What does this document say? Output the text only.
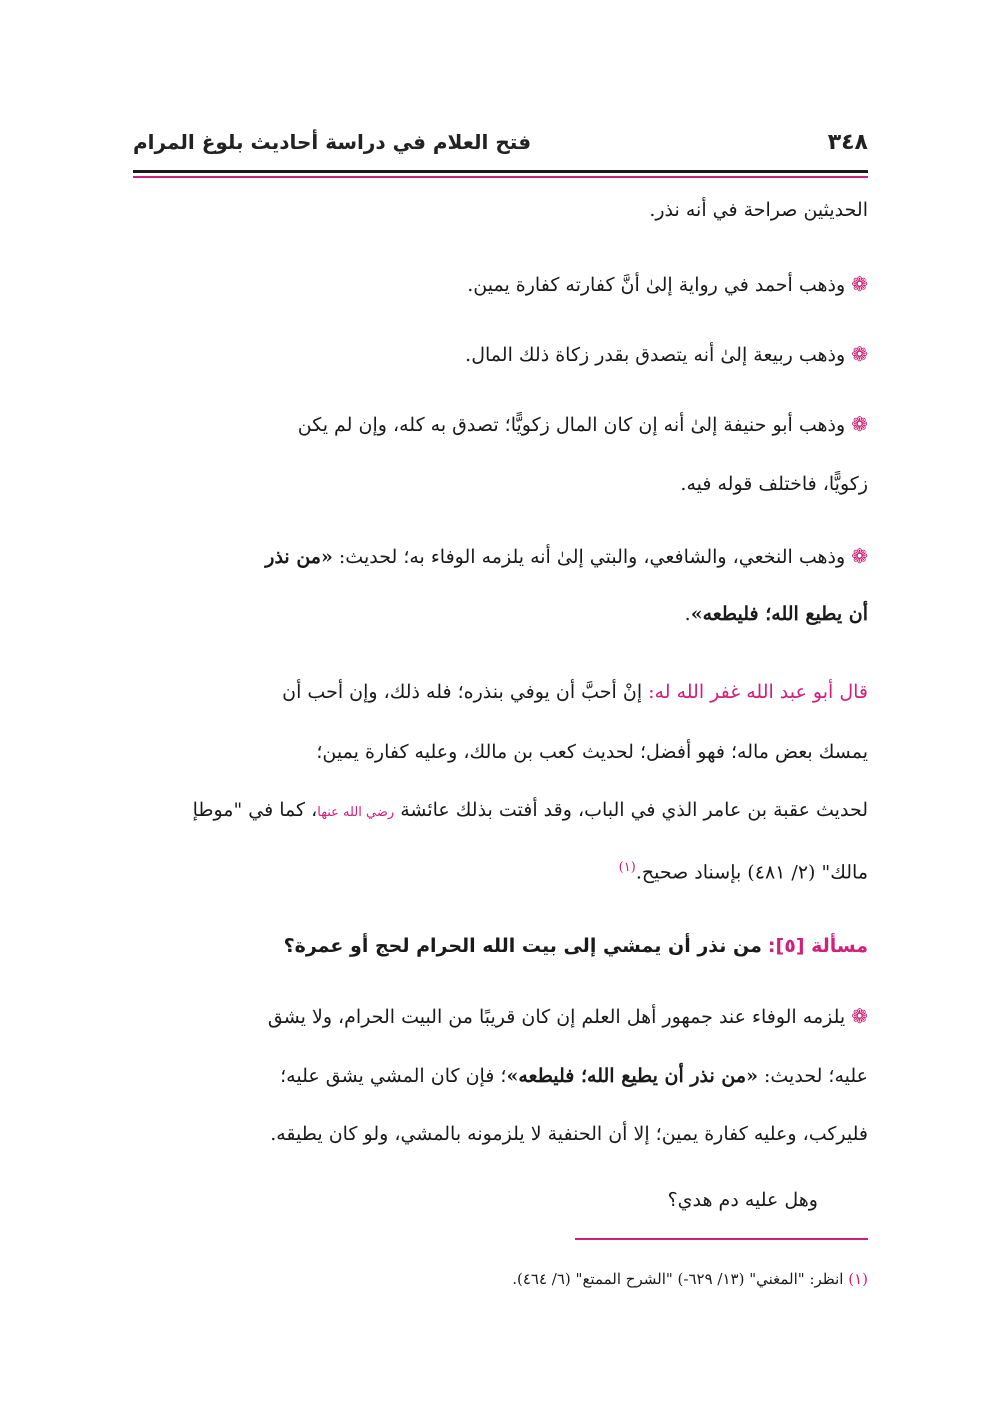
٣٤٨
فتح العلام في دراسة أحاديث بلوغ المرام
الحديثين صراحة في أنه نذر.
❁ وذهب أحمد في رواية إلىٰ أنَّ كفارته كفارة يمين.
❁ وذهب ربيعة إلىٰ أنه يتصدق بقدر زكاة ذلك المال.
❁ وذهب أبو حنيفة إلىٰ أنه إن كان المال زكويًّا؛ تصدق به كله، وإن لم يكن
زكويًّا، فاختلف قوله فيه.
❁ وذهب النخعي، والشافعي، والبتي إلىٰ أنه يلزمه الوفاء به؛ لحديث: «من نذر
أن يطيع الله؛ فليطعه».
قال أبو عبد الله غفر الله له: إنْ أحبَّ أن يوفي بنذره؛ فله ذلك، وإن أحب أن
يمسك بعض ماله؛ فهو أفضل؛ لحديث كعب بن مالك، وعليه كفارة يمين؛
لحديث عقبة بن عامر الذي في الباب، وقد أفتت بذلك عائشة رضي الله عنها، كما في "موطإ
مالك" (٢/ ٤٨١) بإسناد صحيح.$^{(١)}$
مسألة [٥]: من نذر أن يمشي إلى بيت الله الحرام لحج أو عمرة؟
❁ يلزمه الوفاء عند جمهور أهل العلم إن كان قريبًا من البيت الحرام، ولا يشق
عليه؛ لحديث: «من نذر أن يطيع الله؛ فليطعه»؛ فإن كان المشي يشق عليه؛
فليركب، وعليه كفارة يمين؛ إلا أن الحنفية لا يلزمونه بالمشي، ولو كان يطيقه.
وهل عليه دم هدي؟
(١) انظر: "المغني" (١٣/ ٦٢٩-) "الشرح الممتع" (٦/ ٤٦٤).
